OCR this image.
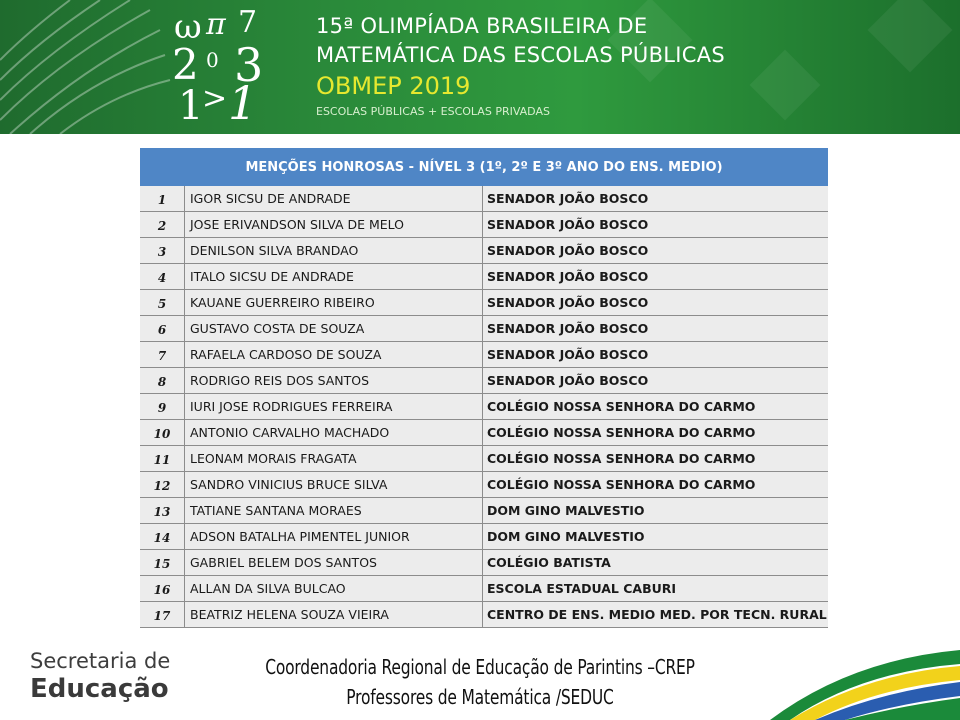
ω π 7
2 0 3
1
> 1
15ª OLIMPÍADA BRASILEIRA DE
MATEMÁTICA DAS ESCOLAS PÚBLICAS
OBMEP 2019
ESCOLAS PÚBLICAS + ESCOLAS PRIVADAS
MENÇÕES HONROSAS - NÍVEL 3 (1º, 2º E 3º ANO DO ENS. MEDIO)
1	IGOR SICSU DE ANDRADE	SENADOR JOÃO BOSCO
2	JOSE ERIVANDSON SILVA DE MELO	SENADOR JOÃO BOSCO
3	DENILSON SILVA BRANDAO	SENADOR JOÃO BOSCO
4	ITALO SICSU DE ANDRADE	SENADOR JOÃO BOSCO
5	KAUANE GUERREIRO RIBEIRO	SENADOR JOÃO BOSCO
6	GUSTAVO COSTA DE SOUZA	SENADOR JOÃO BOSCO
7	RAFAELA CARDOSO DE SOUZA	SENADOR JOÃO BOSCO
8	RODRIGO REIS DOS SANTOS	SENADOR JOÃO BOSCO
9	IURI JOSE RODRIGUES FERREIRA	COLÉGIO NOSSA SENHORA DO CARMO
10	ANTONIO CARVALHO MACHADO	COLÉGIO NOSSA SENHORA DO CARMO
11	LEONAM MORAIS FRAGATA	COLÉGIO NOSSA SENHORA DO CARMO
12	SANDRO VINICIUS BRUCE SILVA	COLÉGIO NOSSA SENHORA DO CARMO
13	TATIANE SANTANA MORAES	DOM GINO MALVESTIO
14	ADSON BATALHA PIMENTEL JUNIOR	DOM GINO MALVESTIO
15	GABRIEL BELEM DOS SANTOS	COLÉGIO BATISTA
16	ALLAN DA SILVA BULCAO	ESCOLA ESTADUAL CABURI
17	BEATRIZ HELENA SOUZA VIEIRA	CENTRO DE ENS. MEDIO MED. POR TECN. RURAL
Secretaria de
Educação
Coordenadoria Regional de Educação de Parintins –CREP
Professores de Matemática /SEDUC
